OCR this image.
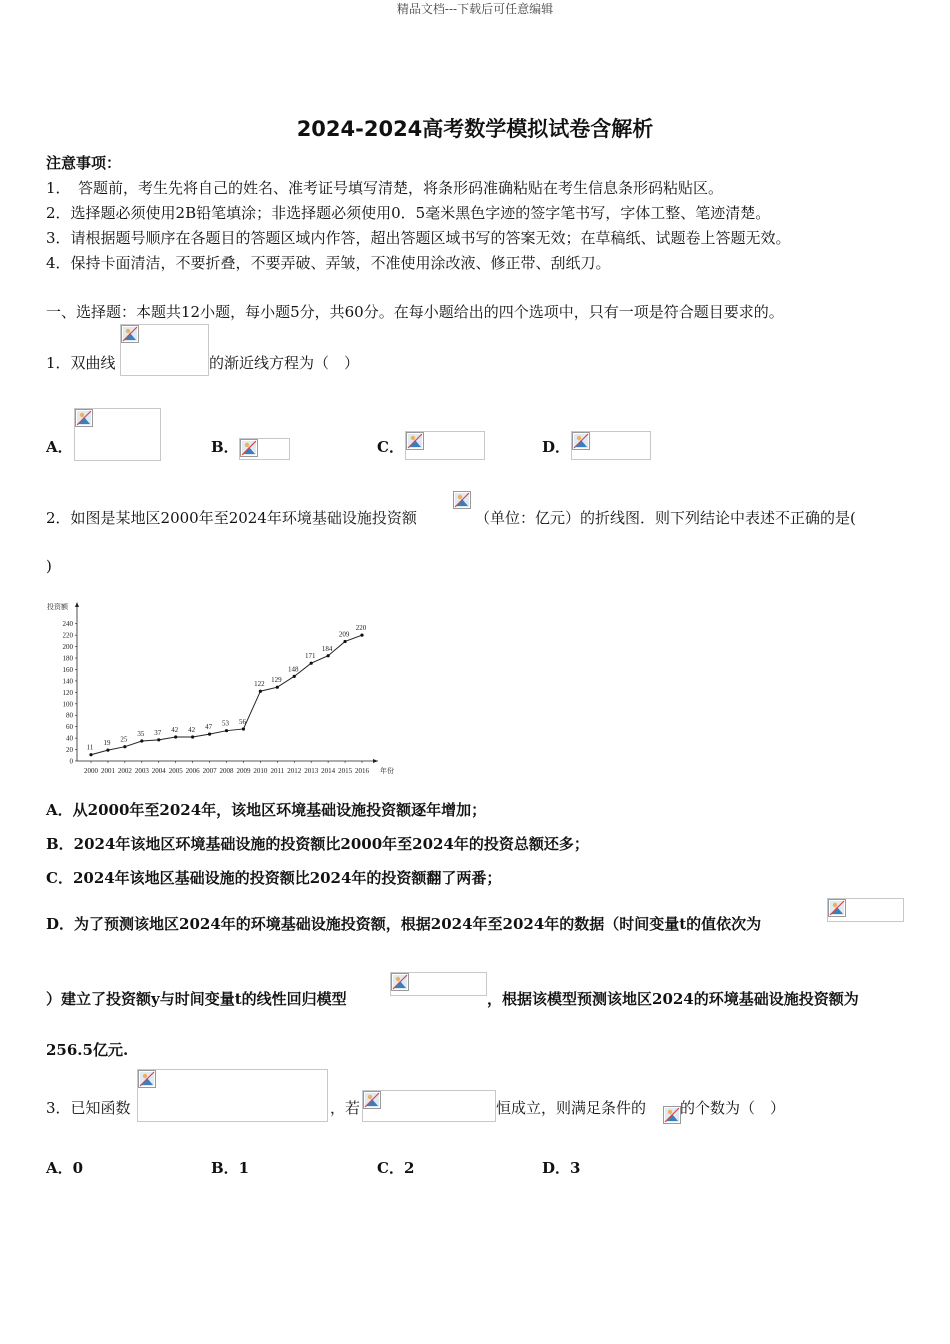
精品文档---下载后可任意编辑
2024-2024高考数学模拟试卷含解析
注意事项：
1．　答题前，考生先将自己的姓名、准考证号填写清楚，将条形码准确粘贴在考生信息条形码粘贴区。
2．选择题必须使用2B铅笔填涂；非选择题必须使用0．5毫米黑色字迹的签字笔书写，字体工整、笔迹清楚。
3．请根据题号顺序在各题目的答题区域内作答，超出答题区域书写的答案无效；在草稿纸、试题卷上答题无效。
4．保持卡面清洁，不要折叠，不要弄破、弄皱，不准使用涂改液、修正带、刮纸刀。
一、选择题：本题共12小题，每小题5分，共60分。在每小题给出的四个选项中，只有一项是符合题目要求的。
1．双曲线	的渐近线方程为（　）
A．	B．	C．	D．
2．如图是某地区2000年至2024年环境基础设施投资额	（单位：亿元）的折线图．则下列结论中表述不正确的是(
)
投资额
年份
0
20
40
60
80
100
120
140
160
180
200
220
240
2000 2001 2002 2003 2004 2005 2006 2007 2008 2009 2010 2011 2012 2013 2014 2015 2016
11
19 25
35 37 42 42 47 53 56
122
129
148
171
184
209
220
A．从2000年至2024年，该地区环境基础设施投资额逐年增加；
B．2024年该地区环境基础设施的投资额比2000年至2024年的投资总额还多；
C．2024年该地区基础设施的投资额比2024年的投资额翻了两番；
D．为了预测该地区2024年的环境基础设施投资额，根据2024年至2024年的数据（时间变量t的值依次为
）建立了投资额y与时间变量t的线性回归模型	，根据该模型预测该地区2024的环境基础设施投资额为
256.5亿元.
3．已知函数	，若	恒成立，则满足条件的 的个数为（　）
A．0	B．1	C．2	D．3
